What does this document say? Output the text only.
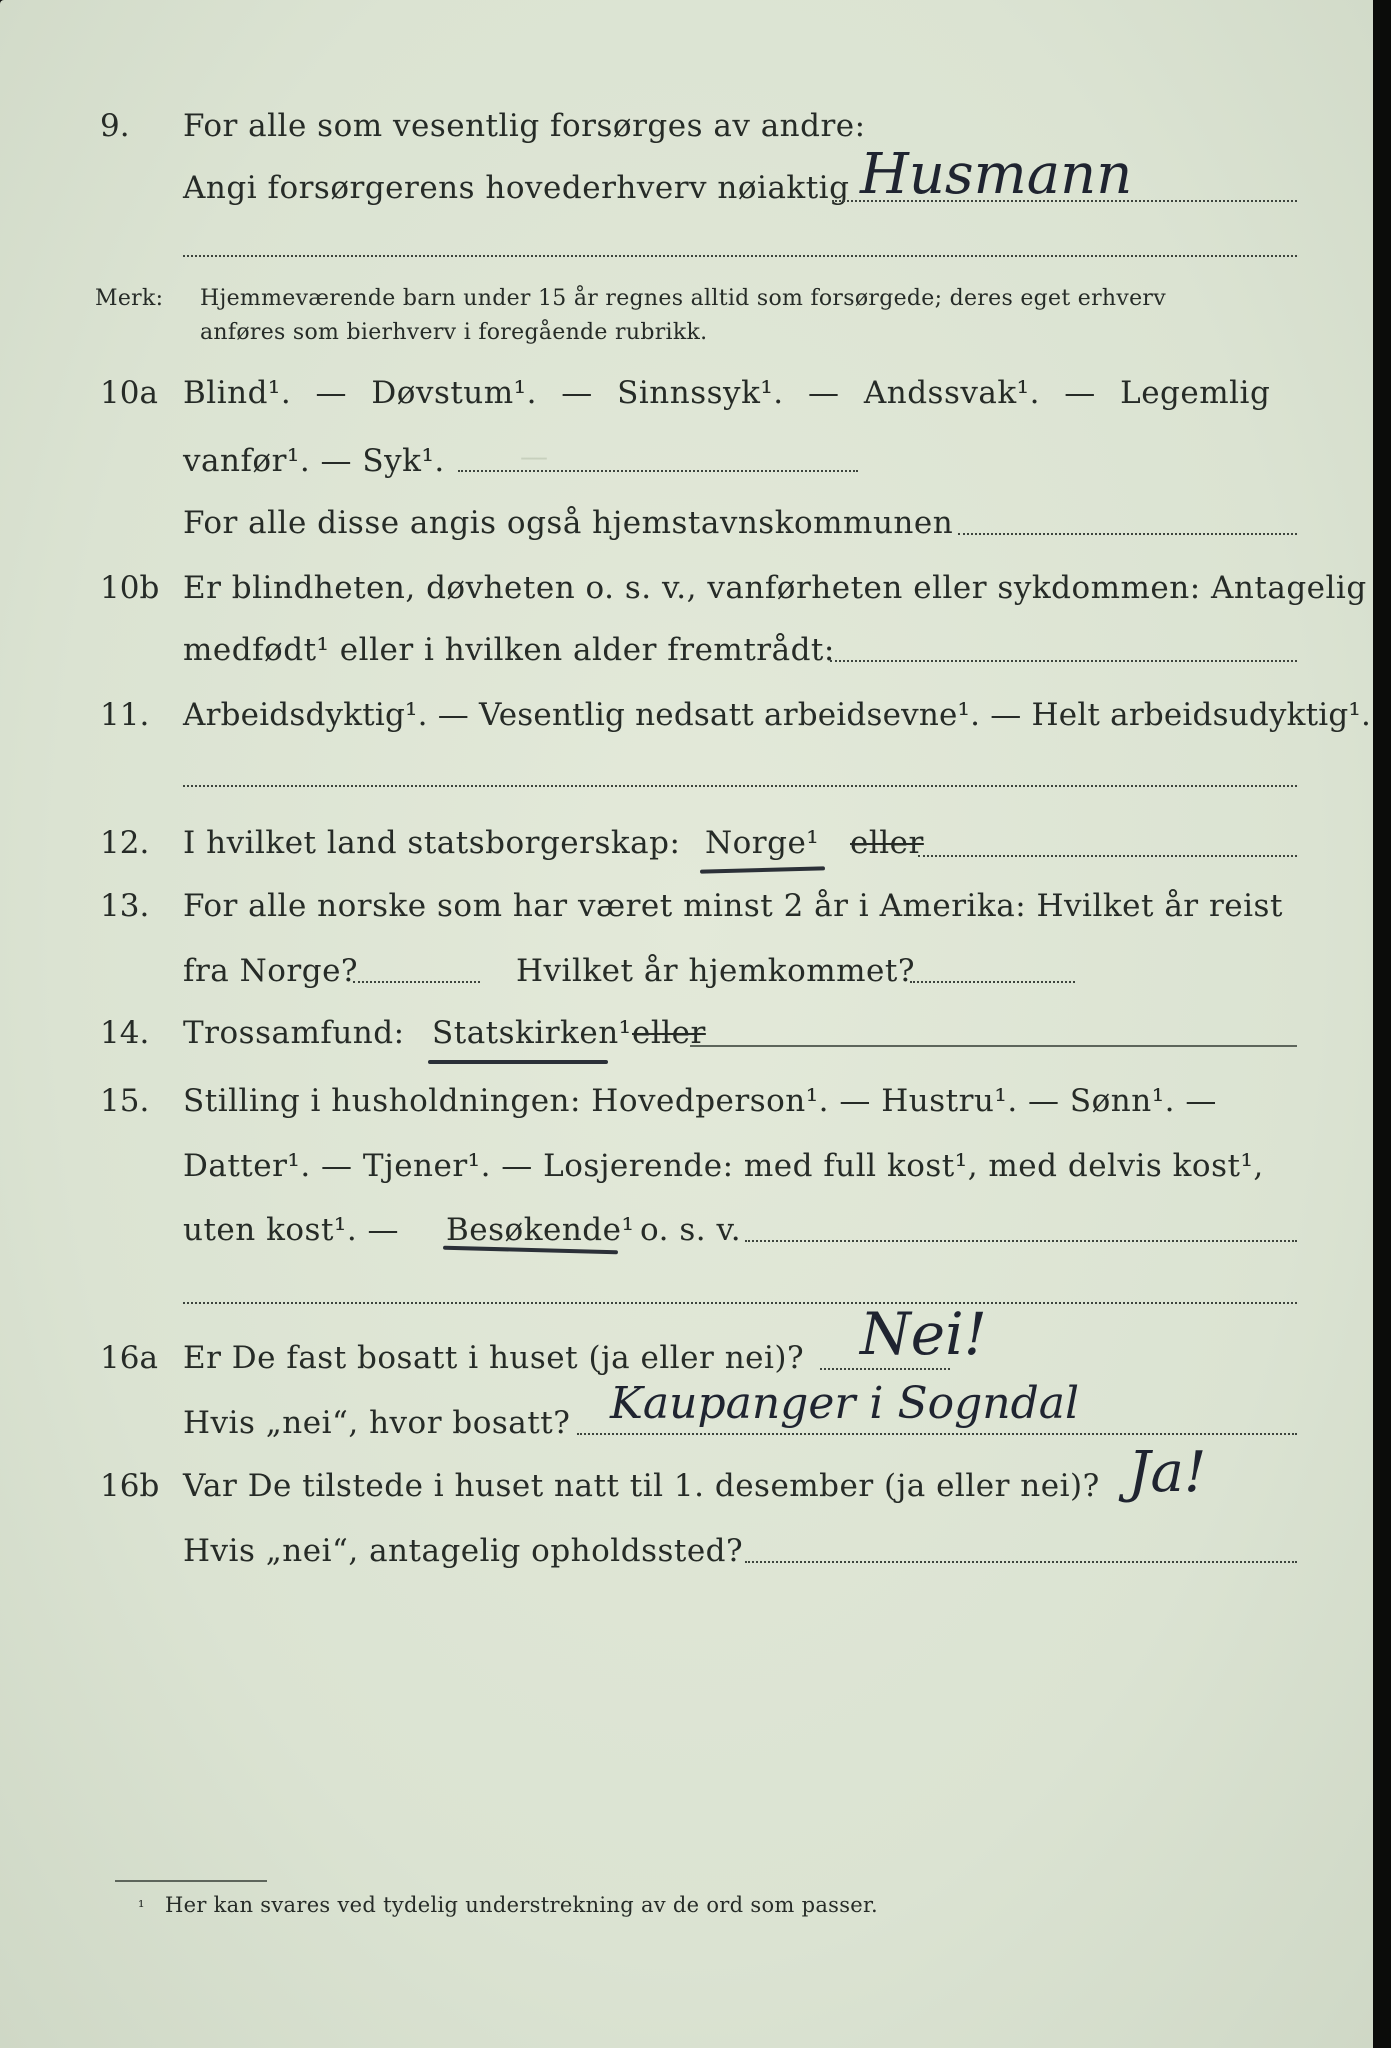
—
9. For alle som vesentlig forsørges av andre:
Angi forsørgerens hovederhverv nøiaktig Husmann
Merk: Hjemmeværende barn under 15 år regnes alltid som forsørgede; deres eget erhverv
anføres som bierhverv i foregående rubrikk.
10a Blind¹. — Døvstum¹. — Sinnssyk¹. — Andssvak¹. — Legemlig
vanfør¹. — Syk¹.
For alle disse angis også hjemstavnskommunen
10b Er blindheten, døvheten o. s. v., vanførheten eller sykdommen: Antagelig
medfødt¹ eller i hvilken alder fremtrådt:
11. Arbeidsdyktig¹. — Vesentlig nedsatt arbeidsevne¹. — Helt arbeidsudyktig¹.
12. I hvilket land statsborgerskap: Norge¹ eller
13. For alle norske som har været minst 2 år i Amerika: Hvilket år reist
fra Norge?	Hvilket år hjemkommet?
14. Trossamfund: Statskirken¹ eller
15. Stilling i husholdningen: Hovedperson¹. — Hustru¹. — Sønn¹. —
Datter¹. — Tjener¹. — Losjerende: med full kost¹, med delvis kost¹,
uten kost¹. — Besøkende¹ o. s. v.
16a Er De fast bosatt i huset (ja eller nei)? Nei!
Hvis „nei“, hvor bosatt? Kaupanger i Sogndal
16b Var De tilstede i huset natt til 1. desember (ja eller nei)? Ja!
Hvis „nei“, antagelig opholdssted?
¹ Her kan svares ved tydelig understrekning av de ord som passer.
